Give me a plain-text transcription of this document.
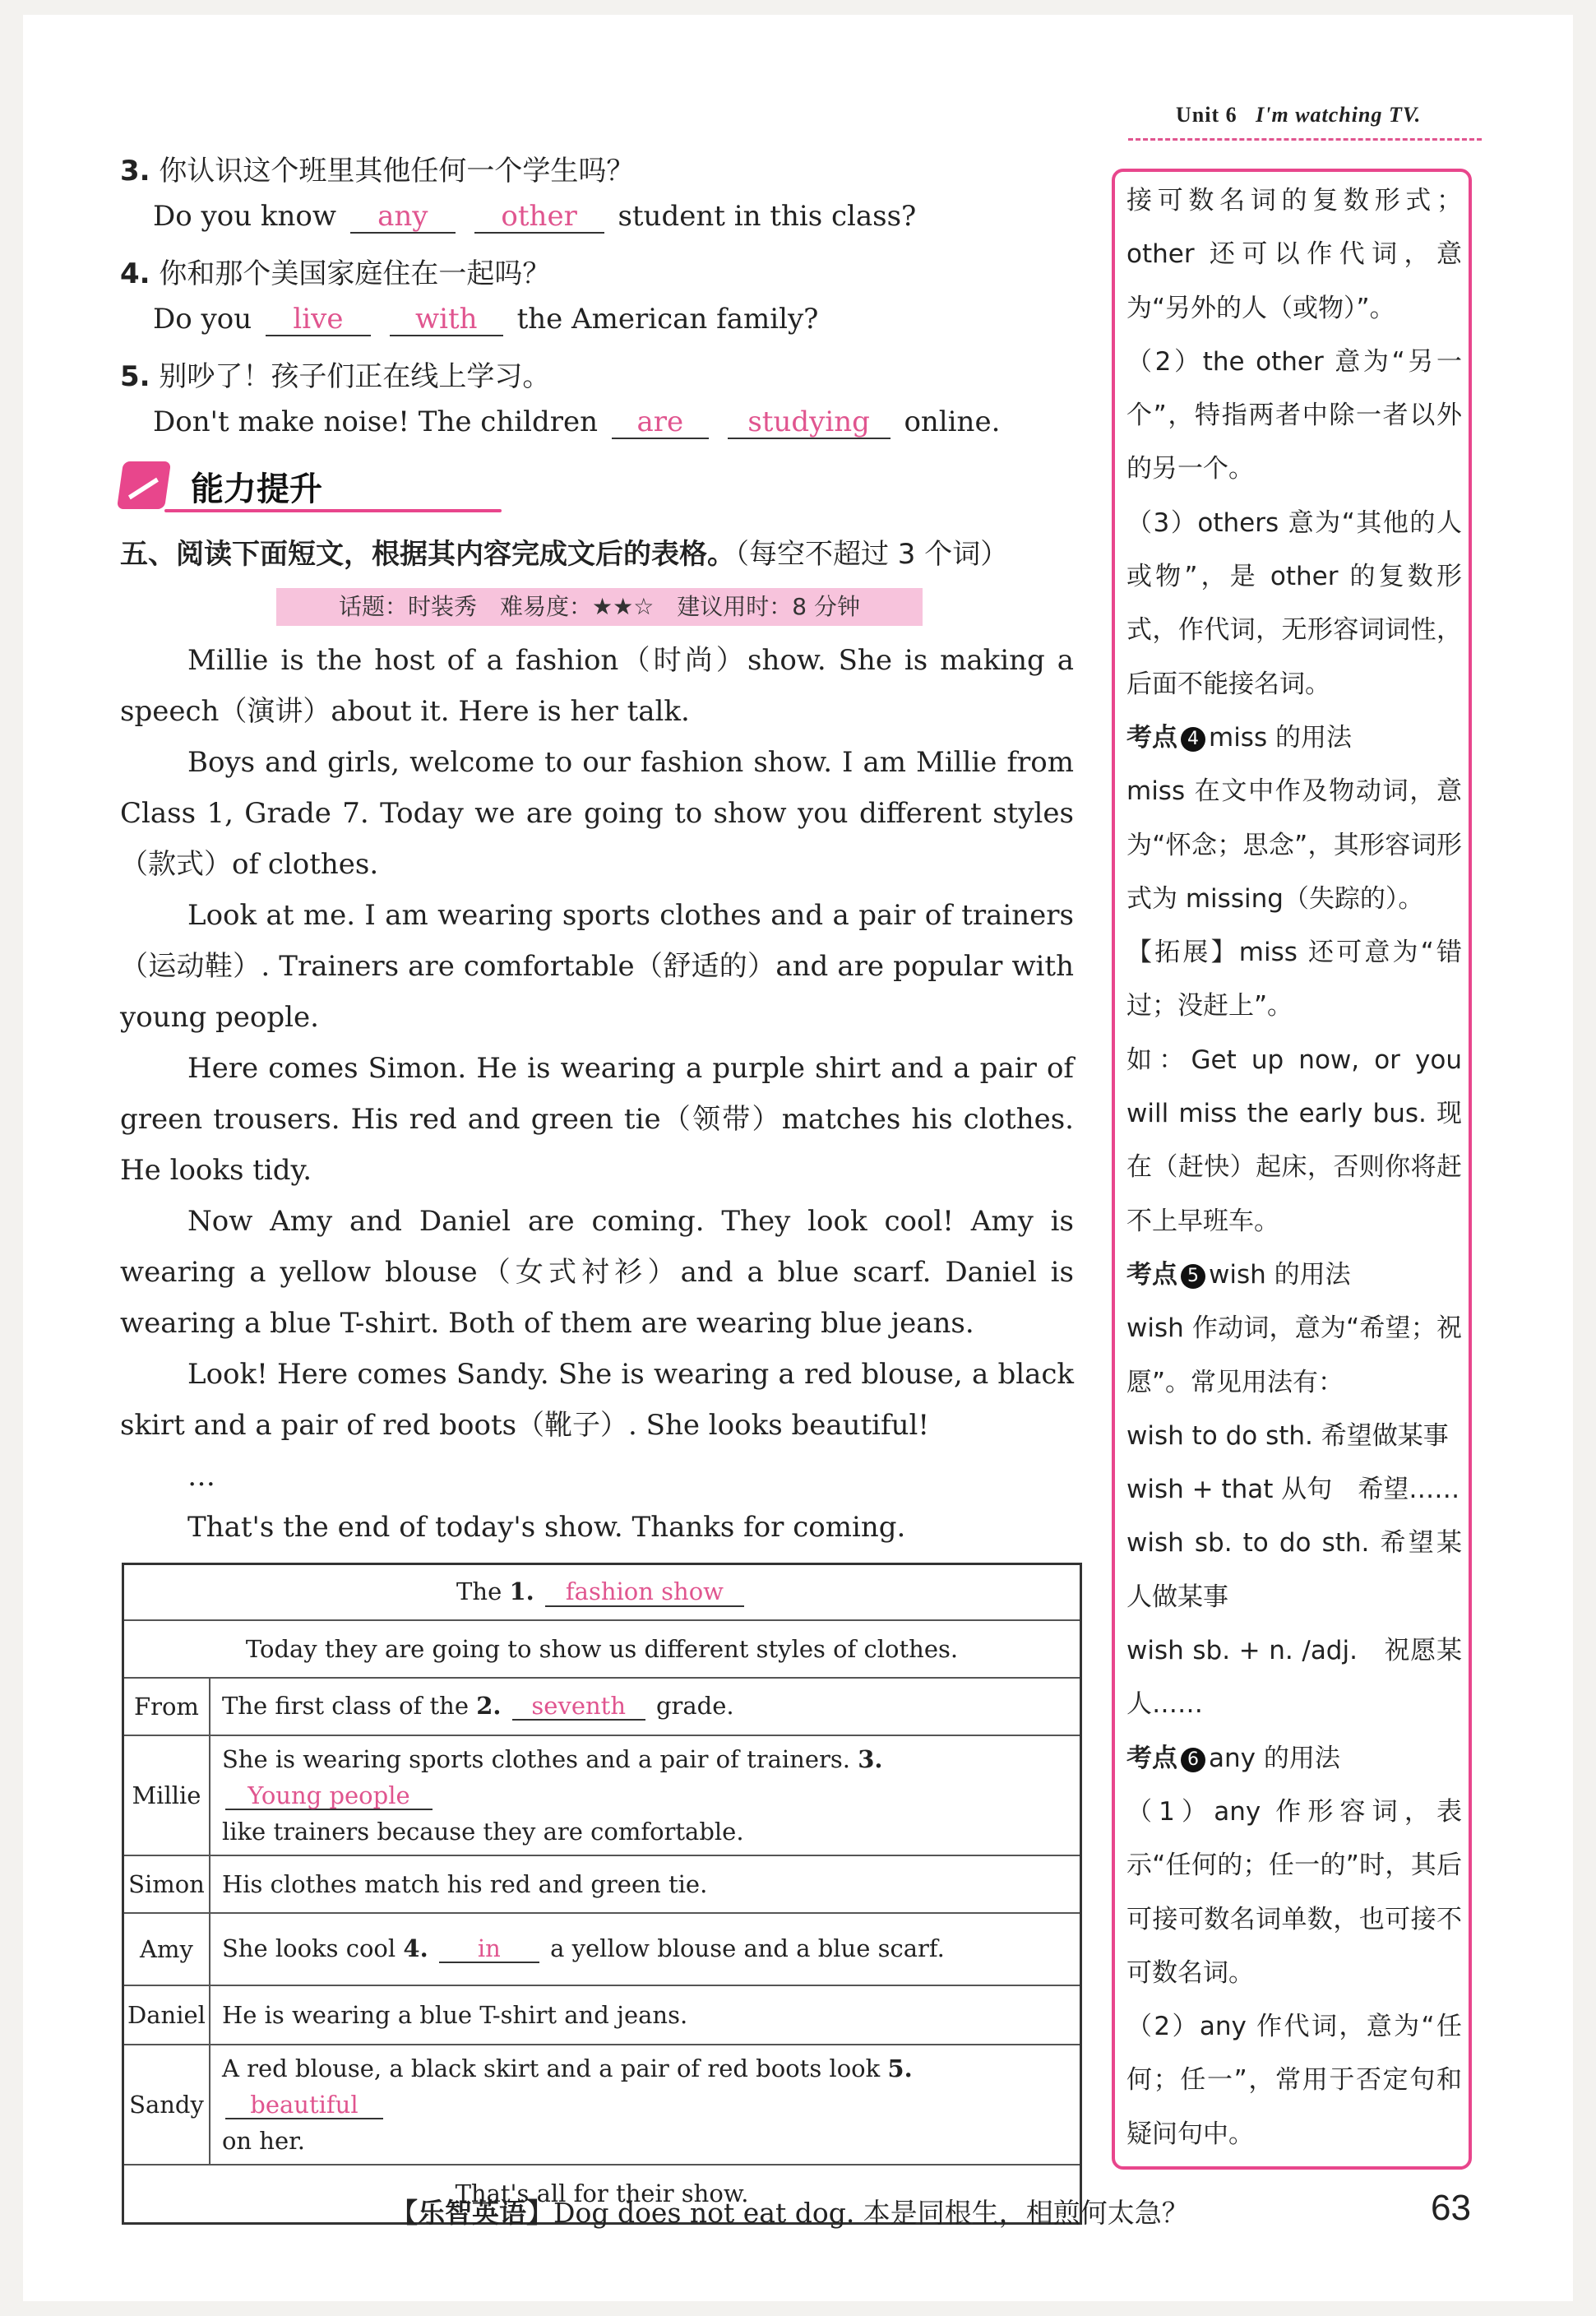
Unit 6 I'm watching TV.
3. 你认识这个班里其他任何一个学生吗？
Do you know any	other student in this class?
4. 你和那个美国家庭住在一起吗？
Do you live	with the American family?
5. 别吵了！孩子们正在线上学习。
Don't make noise! The children are studying online.
能力提升
五、阅读下面短文，根据其内容完成文后的表格。（每空不超过 3 个词）
话题：时装秀　难易度：★★☆　建议用时：8 分钟
Millie is the host of a fashion（时尚）show. She is making a speech（演讲）about it. Here is her talk.
Boys and girls, welcome to our fashion show. I am Millie from Class 1, Grade 7. Today we are going to show you different styles（款式）of clothes.
Look at me. I am wearing sports clothes and a pair of trainers（运动鞋）. Trainers are comfortable（舒适的）and are popular with young people.
Here comes Simon. He is wearing a purple shirt and a pair of green trousers. His red and green tie（领带）matches his clothes. He looks tidy.
Now Amy and Daniel are coming. They look cool! Amy is wearing a yellow blouse（女式衬衫）and a blue scarf. Daniel is wearing a blue T-shirt. Both of them are wearing blue jeans.
Look! Here comes Sandy. She is wearing a red blouse, a black skirt and a pair of red boots（靴子）. She looks beautiful!
…
That's the end of today's show. Thanks for coming.
The 1. fashion show	
Today they are going to show us different styles of clothes.	
From	The first class of the 2. seventh grade.
Millie	She is wearing sports clothes and a pair of trainers. 3. Young people
like trainers because they are comfortable.
Simon	His clothes match his red and green tie.
Amy	She looks cool 4. in a yellow blouse and a blue scarf.
Daniel	He is wearing a blue T-shirt and jeans.
Sandy	A red blouse, a black skirt and a pair of red boots look 5. beautiful
on her.
That's all for their show.	

接可数名词的复数形式；other 还可以作代词，意为“另外的人（或物）”。

（2）the other 意为“另一个”，特指两者中除一者以外的另一个。

（3）others 意为“其他的人或物”，是 other 的复数形式，作代词，无形容词词性，后面不能接名词。

考点 4 miss 的用法

miss 在文中作及物动词，意为“怀念；思念”，其形容词形式为 missing（失踪的）。

【拓展】miss 还可意为“错过；没赶上”。

如：Get up now, or you will miss the early bus. 现在（赶快）起床，否则你将赶不上早班车。

考点 5 wish 的用法

wish 作动词，意为“希望；祝愿”。常见用法有：

wish to do sth. 希望做某事

wish + that 从句　希望……

wish sb. to do sth. 希望某人做某事

wish sb. + n. /adj.　祝愿某人……

考点 6 any 的用法

（1）any 作形容词，表示“任何的；任一的”时，其后可接可数名词单数，也可接不可数名词。

（2）any 作代词，意为“任何；任一”，常用于否定句和疑问句中。

【乐智英语】Dog does not eat dog. 本是同根生，相煎何太急？	63
